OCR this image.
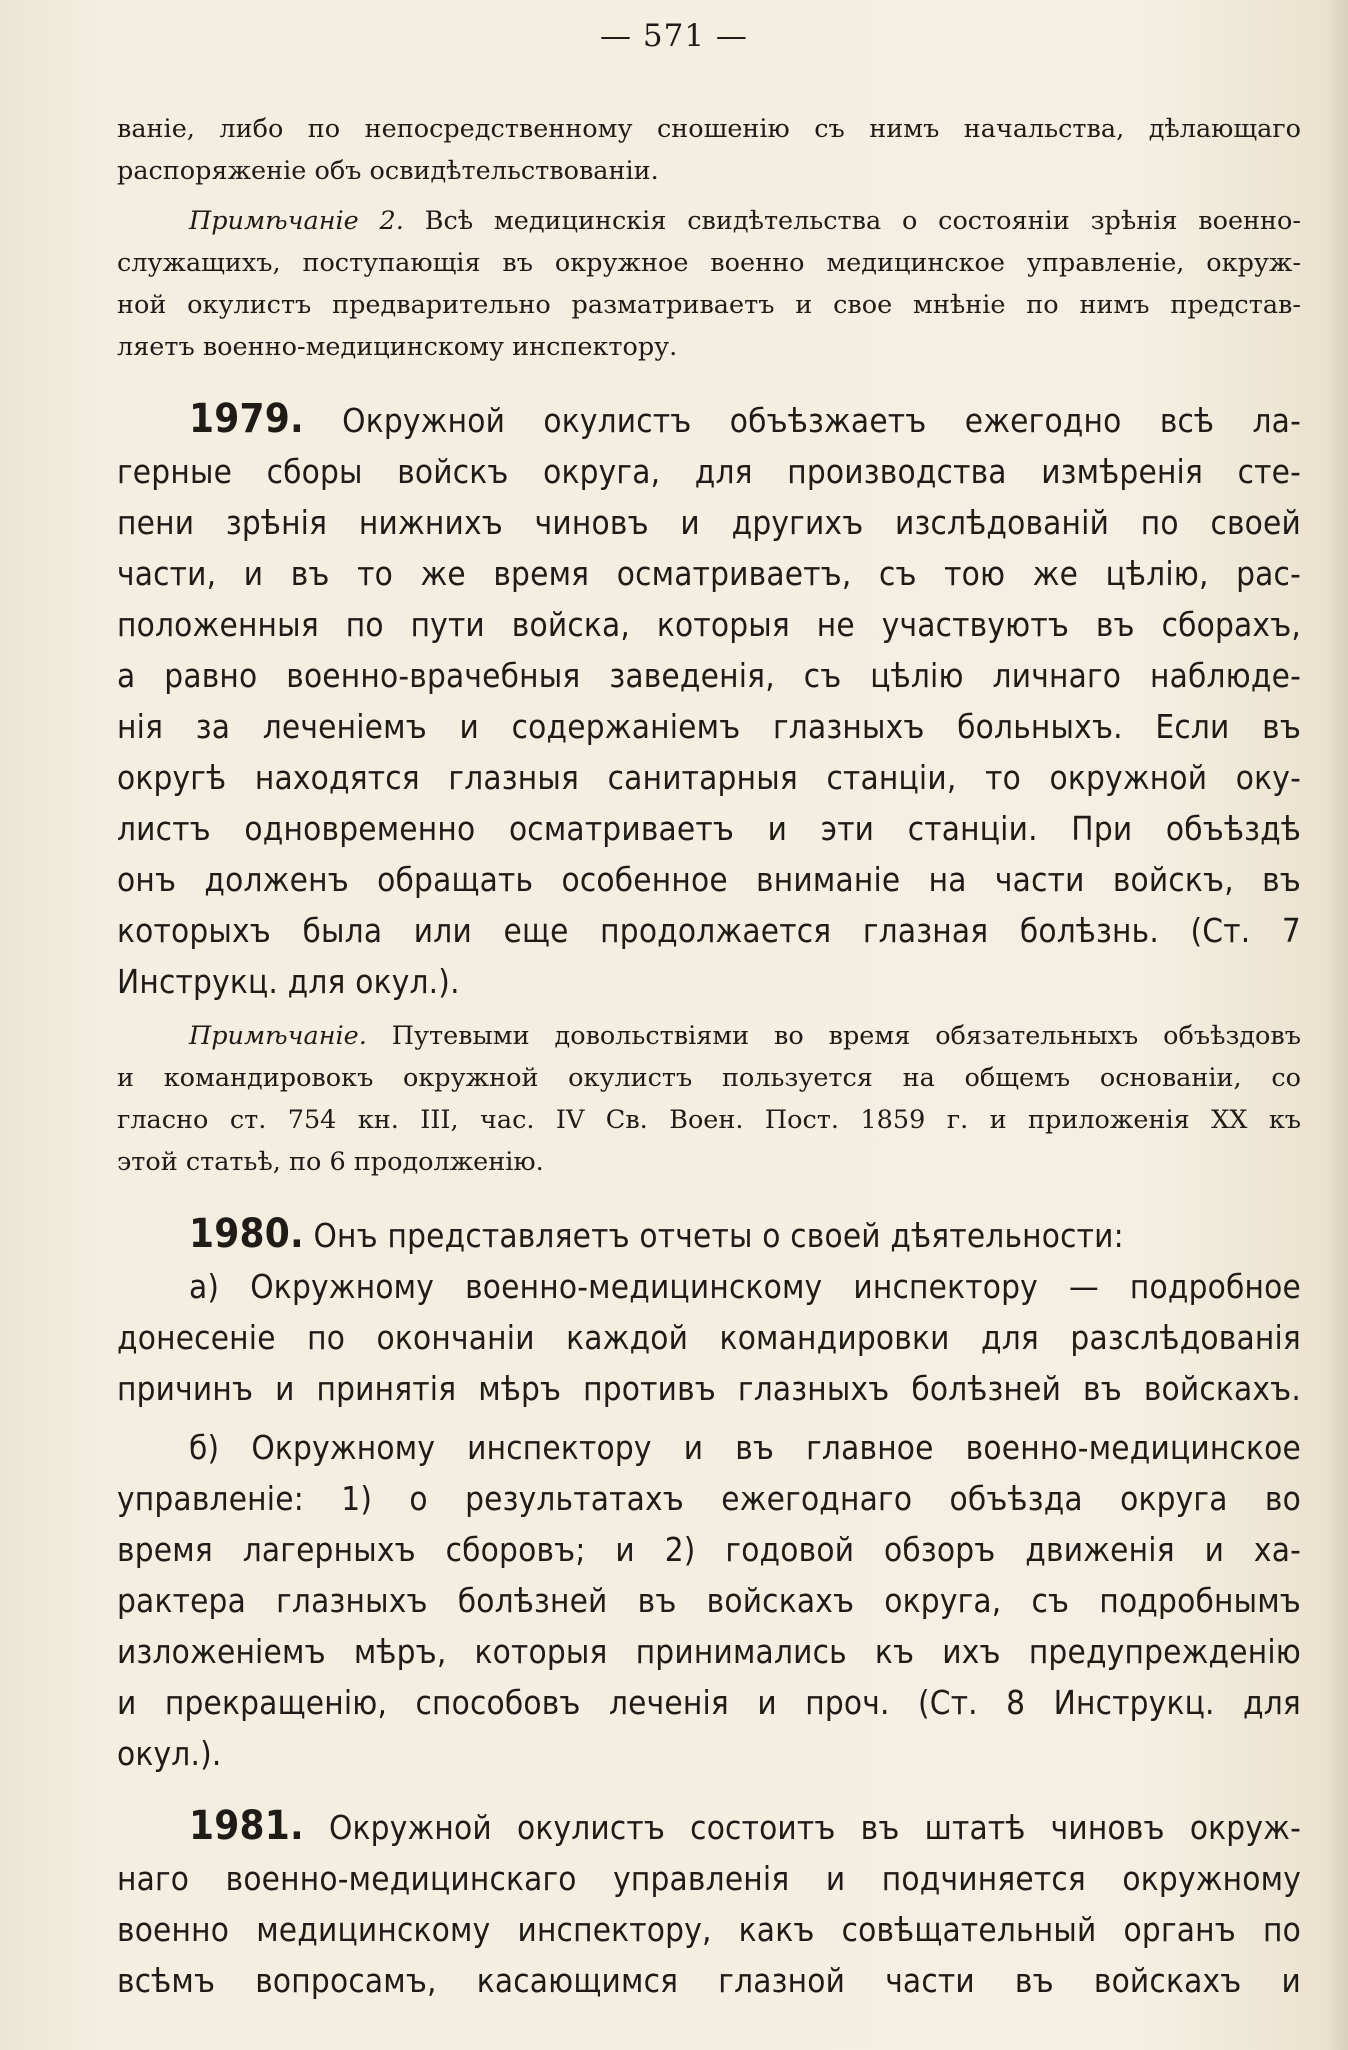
— 571 —
ваніе, либо по непосредственному сношенію съ нимъ начальства, дѣлающаго
распоряженіе объ освидѣтельствованіи.
Примѣчаніе 2. Всѣ медицинскія свидѣтельства о состояніи зрѣнія военно-
служащихъ, поступающія въ окружное военно медицинское управленіе, окруж-
ной окулистъ предварительно разматриваетъ и свое мнѣніе по нимъ представ-
ляетъ военно-медицинскому инспектору.
1979. Окружной окулистъ объѣзжаетъ ежегодно всѣ ла-
герные сборы войскъ округа, для производства измѣренія сте-
пени зрѣнія нижнихъ чиновъ и другихъ изслѣдованій по своей
части, и въ то же время осматриваетъ, съ тою же цѣлію, рас-
положенныя по пути войска, которыя не участвуютъ въ сборахъ,
а равно военно-врачебныя заведенія, съ цѣлію личнаго наблюде-
нія за леченіемъ и содержаніемъ глазныхъ больныхъ. Если въ
округѣ находятся глазныя санитарныя станціи, то окружной оку-
листъ одновременно осматриваетъ и эти станціи. При объѣздѣ
онъ долженъ обращать особенное вниманіе на части войскъ, въ
которыхъ была или еще продолжается глазная болѣзнь. (Ст. 7
Инструкц. для окул.).
Примѣчаніе. Путевыми довольствіями во время обязательныхъ объѣздовъ
и командировокъ окружной окулистъ пользуется на общемъ основаніи, со
гласно ст. 754 кн. III, час. IV Св. Воен. Пост. 1859 г. и приложенія XX къ
этой статьѣ, по 6 продолженію.
1980. Онъ представляетъ отчеты о своей дѣятельности:
а) Окружному военно-медицинскому инспектору — подробное
донесеніе по окончаніи каждой командировки для разслѣдованія
причинъ и принятія мѣръ противъ глазныхъ болѣзней въ войскахъ.
б) Окружному инспектору и въ главное военно-медицинское
управленіе: 1) о результатахъ ежегоднаго объѣзда округа во
время лагерныхъ сборовъ; и 2) годовой обзоръ движенія и ха-
рактера глазныхъ болѣзней въ войскахъ округа, съ подробнымъ
изложеніемъ мѣръ, которыя принимались къ ихъ предупрежденію
и прекращенію, способовъ леченія и проч. (Ст. 8 Инструкц. для
окул.).
1981. Окружной окулистъ состоитъ въ штатѣ чиновъ окруж-
наго военно-медицинскаго управленія и подчиняется окружному
военно медицинскому инспектору, какъ совѣщательный органъ по
всѣмъ вопросамъ, касающимся глазной части въ войскахъ и
